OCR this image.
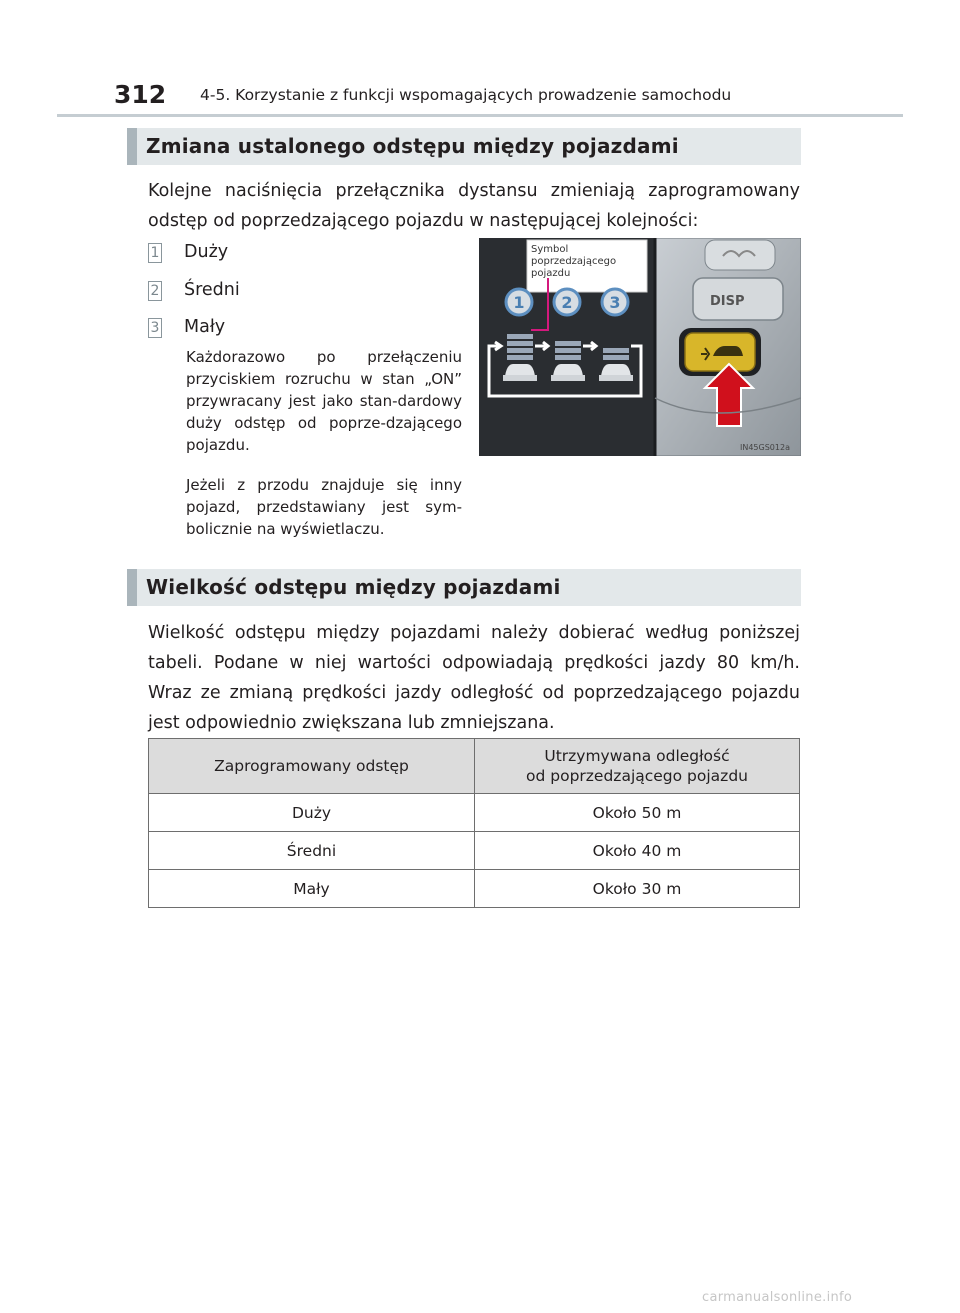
312 4-5. Korzystanie z funkcji wspomagających prowadzenie samochodu
Zmiana ustalonego odstępu między pojazdami
Kolejne naciśnięcia przełącznika dystansu zmieniają zaprogramowany
odstęp od poprzedzającego pojazdu w następującej kolejności:
1 Duży
2 Średni
3 Mały
Każdorazowo po przełączeniu przyciskiem rozruchu w stan „ON” przywracany jest jako stan-dardowy duży odstęp od poprze-dzającego pojazdu.
Jeżeli z przodu znajduje się inny pojazd, przedstawiany jest sym-bolicznie na wyświetlaczu.
DISP
IN45GS012a
Symbol
poprzedzającego
pojazdu
1 2 3
Wielkość odstępu między pojazdami
Wielkość odstępu między pojazdami należy dobierać według poniższej
tabeli. Podane w niej wartości odpowiadają prędkości jazdy 80 km/h.
Wraz ze zmianą prędkości jazdy odległość od poprzedzającego pojazdu
jest odpowiednio zwiększana lub zmniejszana.
Zaprogramowany odstęp	Utrzymywana odległość
od poprzedzającego pojazdu
Duży	Około 50 m
Średni	Około 40 m
Mały	Około 30 m
carmanualsonline.info
